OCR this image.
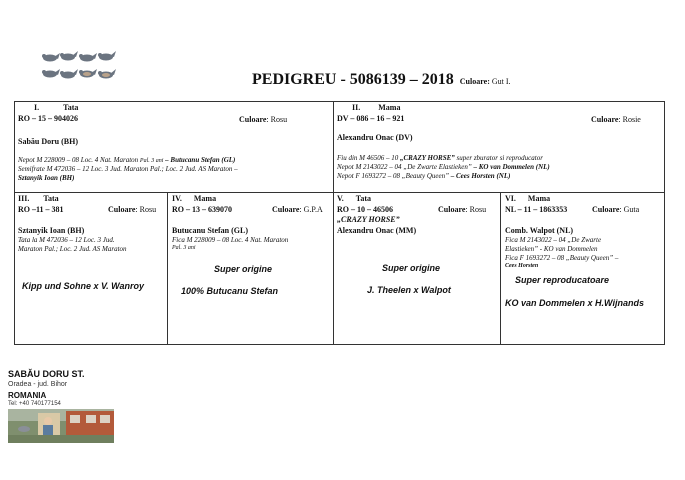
PEDIGREU - 5086139 – 2018 Culoare: Gut I.
I.	Tata
RO – 15 – 904026	Culoare: Rosu
Sabău Doru (BH)
Nepot M 228009 – 08 Loc. 4 Nat. Maraton Pal. 3 ani – Butucanu Stefan (GL)
Semifrate M 472036 – 12 Loc. 3 Jud. Maraton Pal.; Loc. 2 Jud. AS Maraton –
Sztanyik Ioan (BH)
II. Mama
DV – 086 – 16 – 921	Culoare: Rosie
Alexandru Onac (DV)
Fiu din M 46506 – 10 „CRAZY HORSE” super zburator si reproducator
Nepot M 2143022 – 04 „De Zwarte Elastieken” – KO van Dommelen (NL)
Nepot F 1693272 – 08 „Beauty Queen” – Cees Horsten (NL)
III. Tata
RO –11 – 381	Culoare: Rosu
Sztanyik Ioan (BH)
Tata la M 472036 – 12 Loc. 3 Jud.
Maraton Pal.; Loc. 2 Jud. AS Maraton
Kipp und Sohne x V. Wanroy
IV. Mama
RO – 13 – 639070	Culoare: G.P.A
Butucanu Stefan (GL)
Fica M 228009 – 08 Loc. 4 Nat. Maraton
Pal. 3 ani
Super origine
100% Butucanu Stefan
V. Tata
RO – 10 – 46506	Culoare: Rosu
„CRAZY HORSE”
Alexandru Onac (MM)
Super origine
J. Theelen x Walpot
VI. Mama
NL – 11 – 1863353	Culoare: Guta
Comb. Walpot (NL)
Fica M 2143022 – 04 „De Zwarte
Elastieken” - KO van Dommelen
Fica F 1693272 – 08 „Beauty Queen” –
Cees Horsten
Super reproducatoare
KO van Dommelen x H.Wijnands
SABĂU DORU ST.
Oradea - jud. Bihor
ROMANIA
Tel: +40 740177154
